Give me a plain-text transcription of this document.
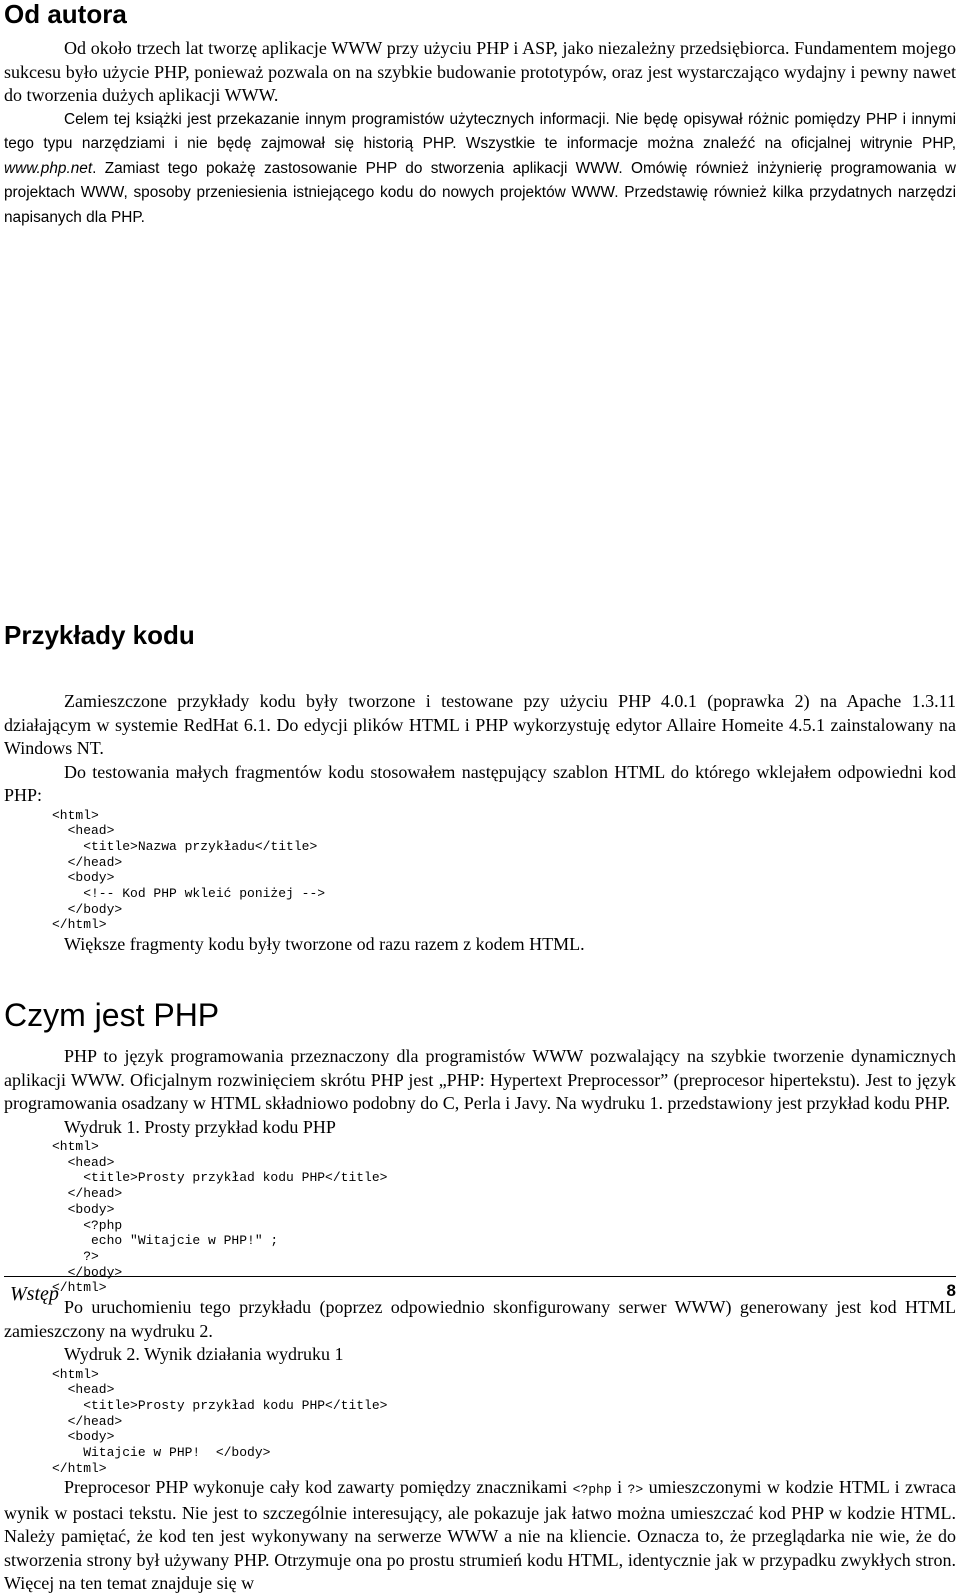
Od autora

Od około trzech lat tworzę aplikacje WWW przy użyciu PHP i ASP, jako niezależny przedsiębiorca. Fundamentem mojego sukcesu było użycie PHP, ponieważ pozwala on na szybkie budowanie prototypów, oraz jest wystarczająco wydajny i pewny nawet do tworzenia dużych aplikacji WWW.

Celem tej książki jest przekazanie innym programistów użytecznych informacji. Nie będę opisywał różnic pomiędzy PHP i innymi tego typu narzędziami i nie będę zajmował się historią PHP. Wszystkie te informacje można znaleźć na oficjalnej witrynie PHP, www.php.net. Zamiast tego pokażę zastosowanie PHP do stworzenia aplikacji WWW. Omówię również inżynierię programowania w projektach WWW, sposoby przeniesienia istniejącego kodu do nowych projektów WWW. Przedstawię również kilka przydatnych narzędzi napisanych dla PHP.

Przykłady kodu

Zamieszczone przykłady kodu były tworzone i testowane pzy użyciu PHP 4.0.1 (poprawka 2) na Apache 1.3.11 działającym w systemie RedHat 6.1. Do edycji plików HTML i PHP wykorzystuję edytor Allaire Homeite 4.5.1 zainstalowany na Windows NT.

Do testowania małych fragmentów kodu stosowałem następujący szablon HTML do którego wklejałem odpowiedni kod PHP:

<html>
<head>
<title>Nazwa przykładu</title>
</head>
<body>
<!-- Kod PHP wkleić poniżej -->
</body>
</html>

Większe fragmenty kodu były tworzone od razu razem z kodem HTML.

Czym jest PHP

PHP to język programowania przeznaczony dla programistów WWW pozwalający na szybkie tworzenie dynamicznych aplikacji WWW. Oficjalnym rozwinięciem skrótu PHP jest „PHP: Hypertext Preprocessor” (preprocesor hipertekstu). Jest to język programowania osadzany w HTML składniowo podobny do C, Perla i Javy. Na wydruku 1. przedstawiony jest przykład kodu PHP.

Wydruk 1. Prosty przykład kodu PHP

<html>
<head>
<title>Prosty przykład kodu PHP</title>
</head>
<body>
<?php
echo "Witajcie w PHP!" ;
?>
</body>
</html>

Po uruchomieniu tego przykładu (poprzez odpowiednio skonfigurowany serwer WWW) generowany jest kod HTML zamieszczony na wydruku 2.

Wydruk 2. Wynik działania wydruku 1

<html>
<head>
<title>Prosty przykład kodu PHP</title>
</head>
<body>
Witajcie w PHP!  </body>
</html>

Preprocesor PHP wykonuje cały kod zawarty pomiędzy znacznikami <?php i ?> umieszczonymi w kodzie HTML i zwraca wynik w postaci tekstu. Nie jest to szczególnie interesujący, ale pokazuje jak łatwo można umieszczać kod PHP w kodzie HTML. Należy pamiętać, że kod ten jest wykonywany na serwerze WWW a nie na kliencie. Oznacza to, że przeglądarka nie wie, że do stworzenia strony był używany PHP. Otrzymuje ona po prostu strumień kodu HTML, identycznie jak w przypadku zwykłych stron. Więcej na ten temat znajduje się w

Wstęp	8
